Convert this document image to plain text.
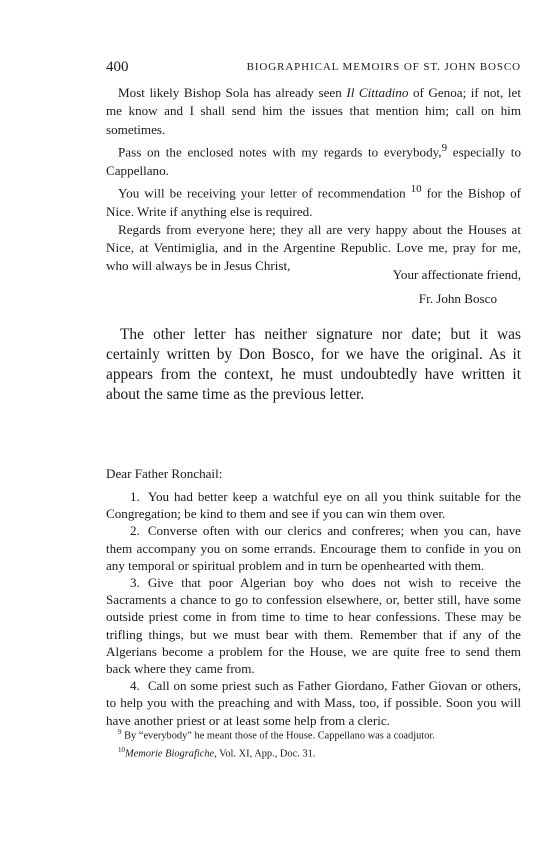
400	BIOGRAPHICAL MEMOIRS OF ST. JOHN BOSCO

Most likely Bishop Sola has already seen Il Cittadino of Genoa; if not, let me know and I shall send him the issues that mention him; call on him sometimes.

Pass on the enclosed notes with my regards to everybody,$^9$ especially to Cappellano.

You will be receiving your letter of recommendation $^{10}$ for the Bishop of Nice. Write if anything else is required.

Regards from everyone here; they all are very happy about the Houses at Nice, at Ventimiglia, and in the Argentine Republic. Love me, pray for me, who will always be in Jesus Christ,

Your affectionate friend,
Fr. John Bosco

The other letter has neither signature nor date; but it was certainly written by Don Bosco, for we have the original. As it appears from the context, he must undoubtedly have written it about the same time as the previous letter.

Dear Father Ronchail:

1. You had better keep a watchful eye on all you think suitable for the Congregation; be kind to them and see if you can win them over.

2. Converse often with our clerics and confreres; when you can, have them accompany you on some errands. Encourage them to confide in you on any temporal or spiritual problem and in turn be openhearted with them.

3. Give that poor Algerian boy who does not wish to receive the Sacraments a chance to go to confession elsewhere, or, better still, have some outside priest come in from time to time to hear confessions. These may be trifling things, but we must bear with them. Remember that if any of the Algerians become a problem for the House, we are quite free to send them back where they came from.

4. Call on some priest such as Father Giordano, Father Giovan or others, to help you with the preaching and with Mass, too, if possible. Soon you will have another priest or at least some help from a cleric.

$^9$ By “everybody” he meant those of the House. Cappellano was a coadjutor.
$^{10}$Memorie Biografiche, Vol. XI, App., Doc. 31.
